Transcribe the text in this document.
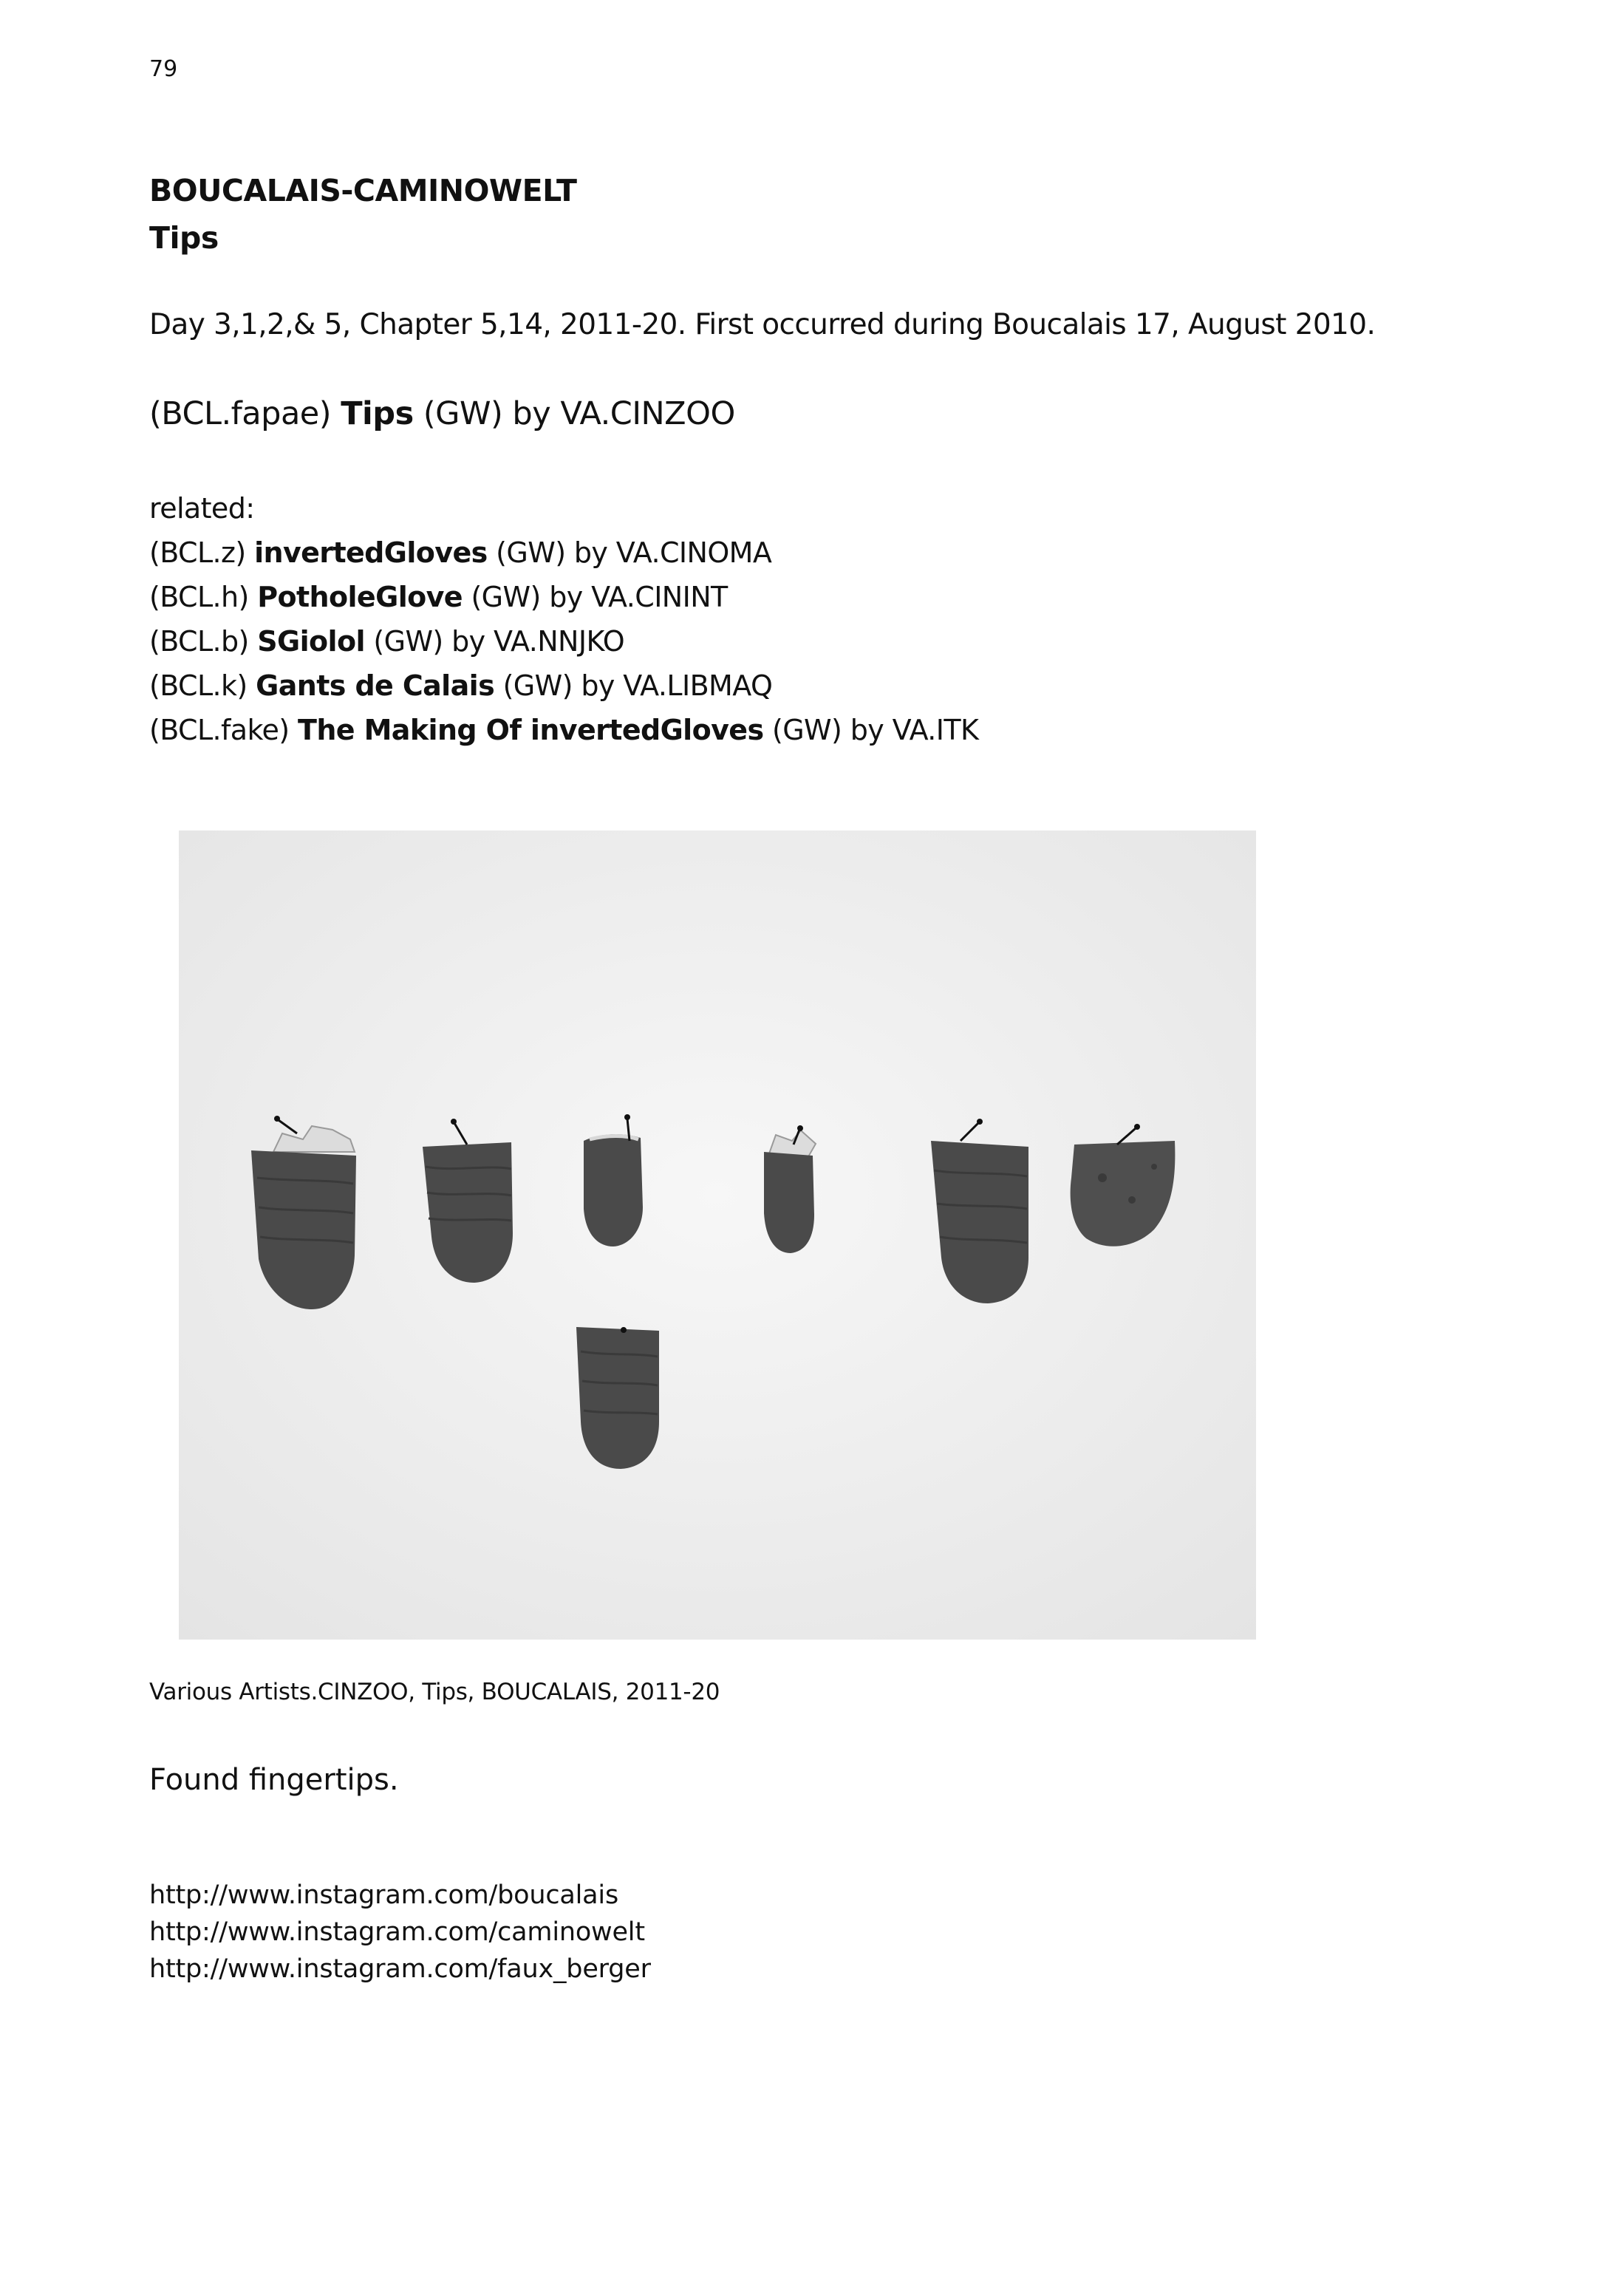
79
BOUCALAIS-CAMINOWELT
Tips
Day 3,1,2,& 5, Chapter 5,14, 2011-20. First occurred during Boucalais 17, August 2010.
(BCL.fapae) Tips (GW) by VA.CINZOO
related:
(BCL.z) invertedGloves (GW) by VA.CINOMA
(BCL.h) PotholeGlove (GW) by VA.CININT
(BCL.b) SGiolol (GW) by VA.NNJKO
(BCL.k) Gants de Calais (GW) by VA.LIBMAQ
(BCL.fake) The Making Of invertedGloves (GW) by VA.ITK
Various Artists.CINZOO, Tips, BOUCALAIS, 2011-20
Found fingertips.
http://www.instagram.com/boucalais
http://www.instagram.com/caminowelt
http://www.instagram.com/faux_berger
